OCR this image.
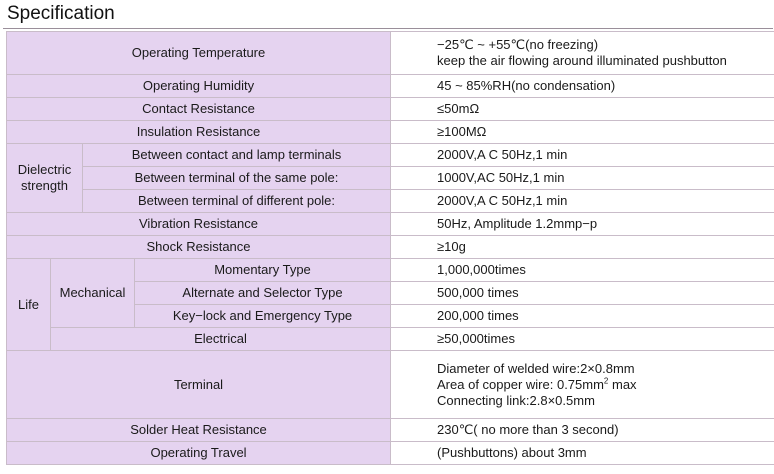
Specification
Operating Temperature				−25℃ ~ +55℃(no freezing)
keep the air flowing around illuminated pushbutton

Operating Humidity				45 ~ 85%RH(no condensation)
Contact Resistance				≤50mΩ
Insulation Resistance				≥100MΩ

Dielectric
strength		Between contact and lamp terminals		2000V,A C 50Hz,1 min
		Between terminal of the same pole:		1000V,AC 50Hz,1 min
		Between terminal of different pole:		2000V,A C 50Hz,1 min
Vibration Resistance				50Hz, Amplitude 1.2mmp−p
Shock Resistance				≥10g
Life	Mechanical		Momentary Type	1,000,000times
			Alternate and Selector Type	500,000 times
			Key−lock and Emergency Type	200,000 times
	Electrical			≥50,000times
Terminal				Diameter of welded wire:2×0.8mm
Area of copper wire: $0.75mm^2$ max
Connecting link:2.8×0.5mm

Solder Heat Resistance				230℃( no more than 3 second)
Operating Travel				(Pushbuttons) about 3mm
